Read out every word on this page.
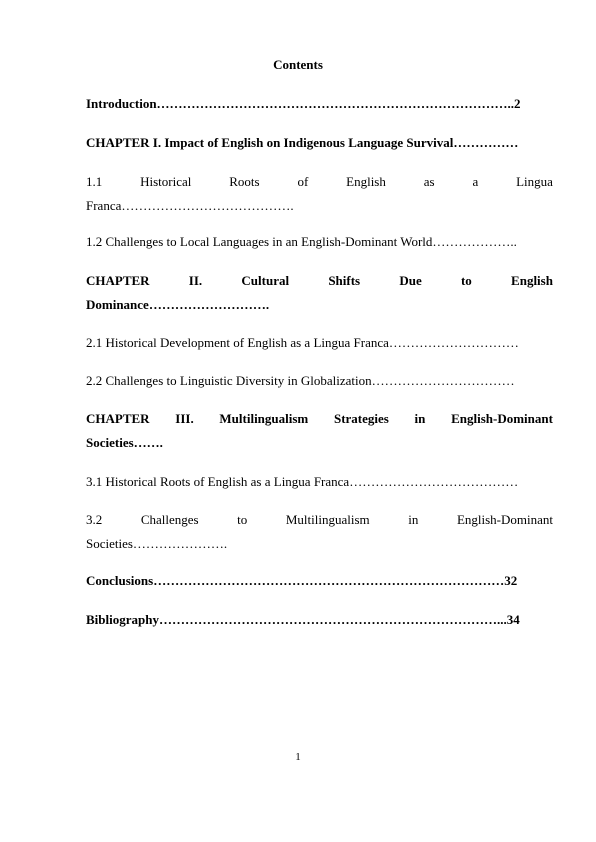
Contents
Introduction………………………………………………………………………..2
CHAPTER I. Impact of English on Indigenous Language Survival……………
1.1	Historical	Roots	of	English	as	a	Lingua
Franca………………………………….
1.2 Challenges to Local Languages in an English-Dominant World………………..
CHAPTER	II.	Cultural	Shifts	Due	to	English
Dominance……………………….
2.1 Historical Development of English as a Lingua Franca…………………………
2.2 Challenges to Linguistic Diversity in Globalization……………………………
CHAPTER III. Multilingualism Strategies in English-Dominant
Societies…….
3.1 Historical Roots of English as a Lingua Franca…………………………………
3.2	Challenges	to	Multilingualism	in	English-Dominant
Societies………………….
Conclusions………………………………………………………………………32
Bibliography……………………………………………………………………...34
1
